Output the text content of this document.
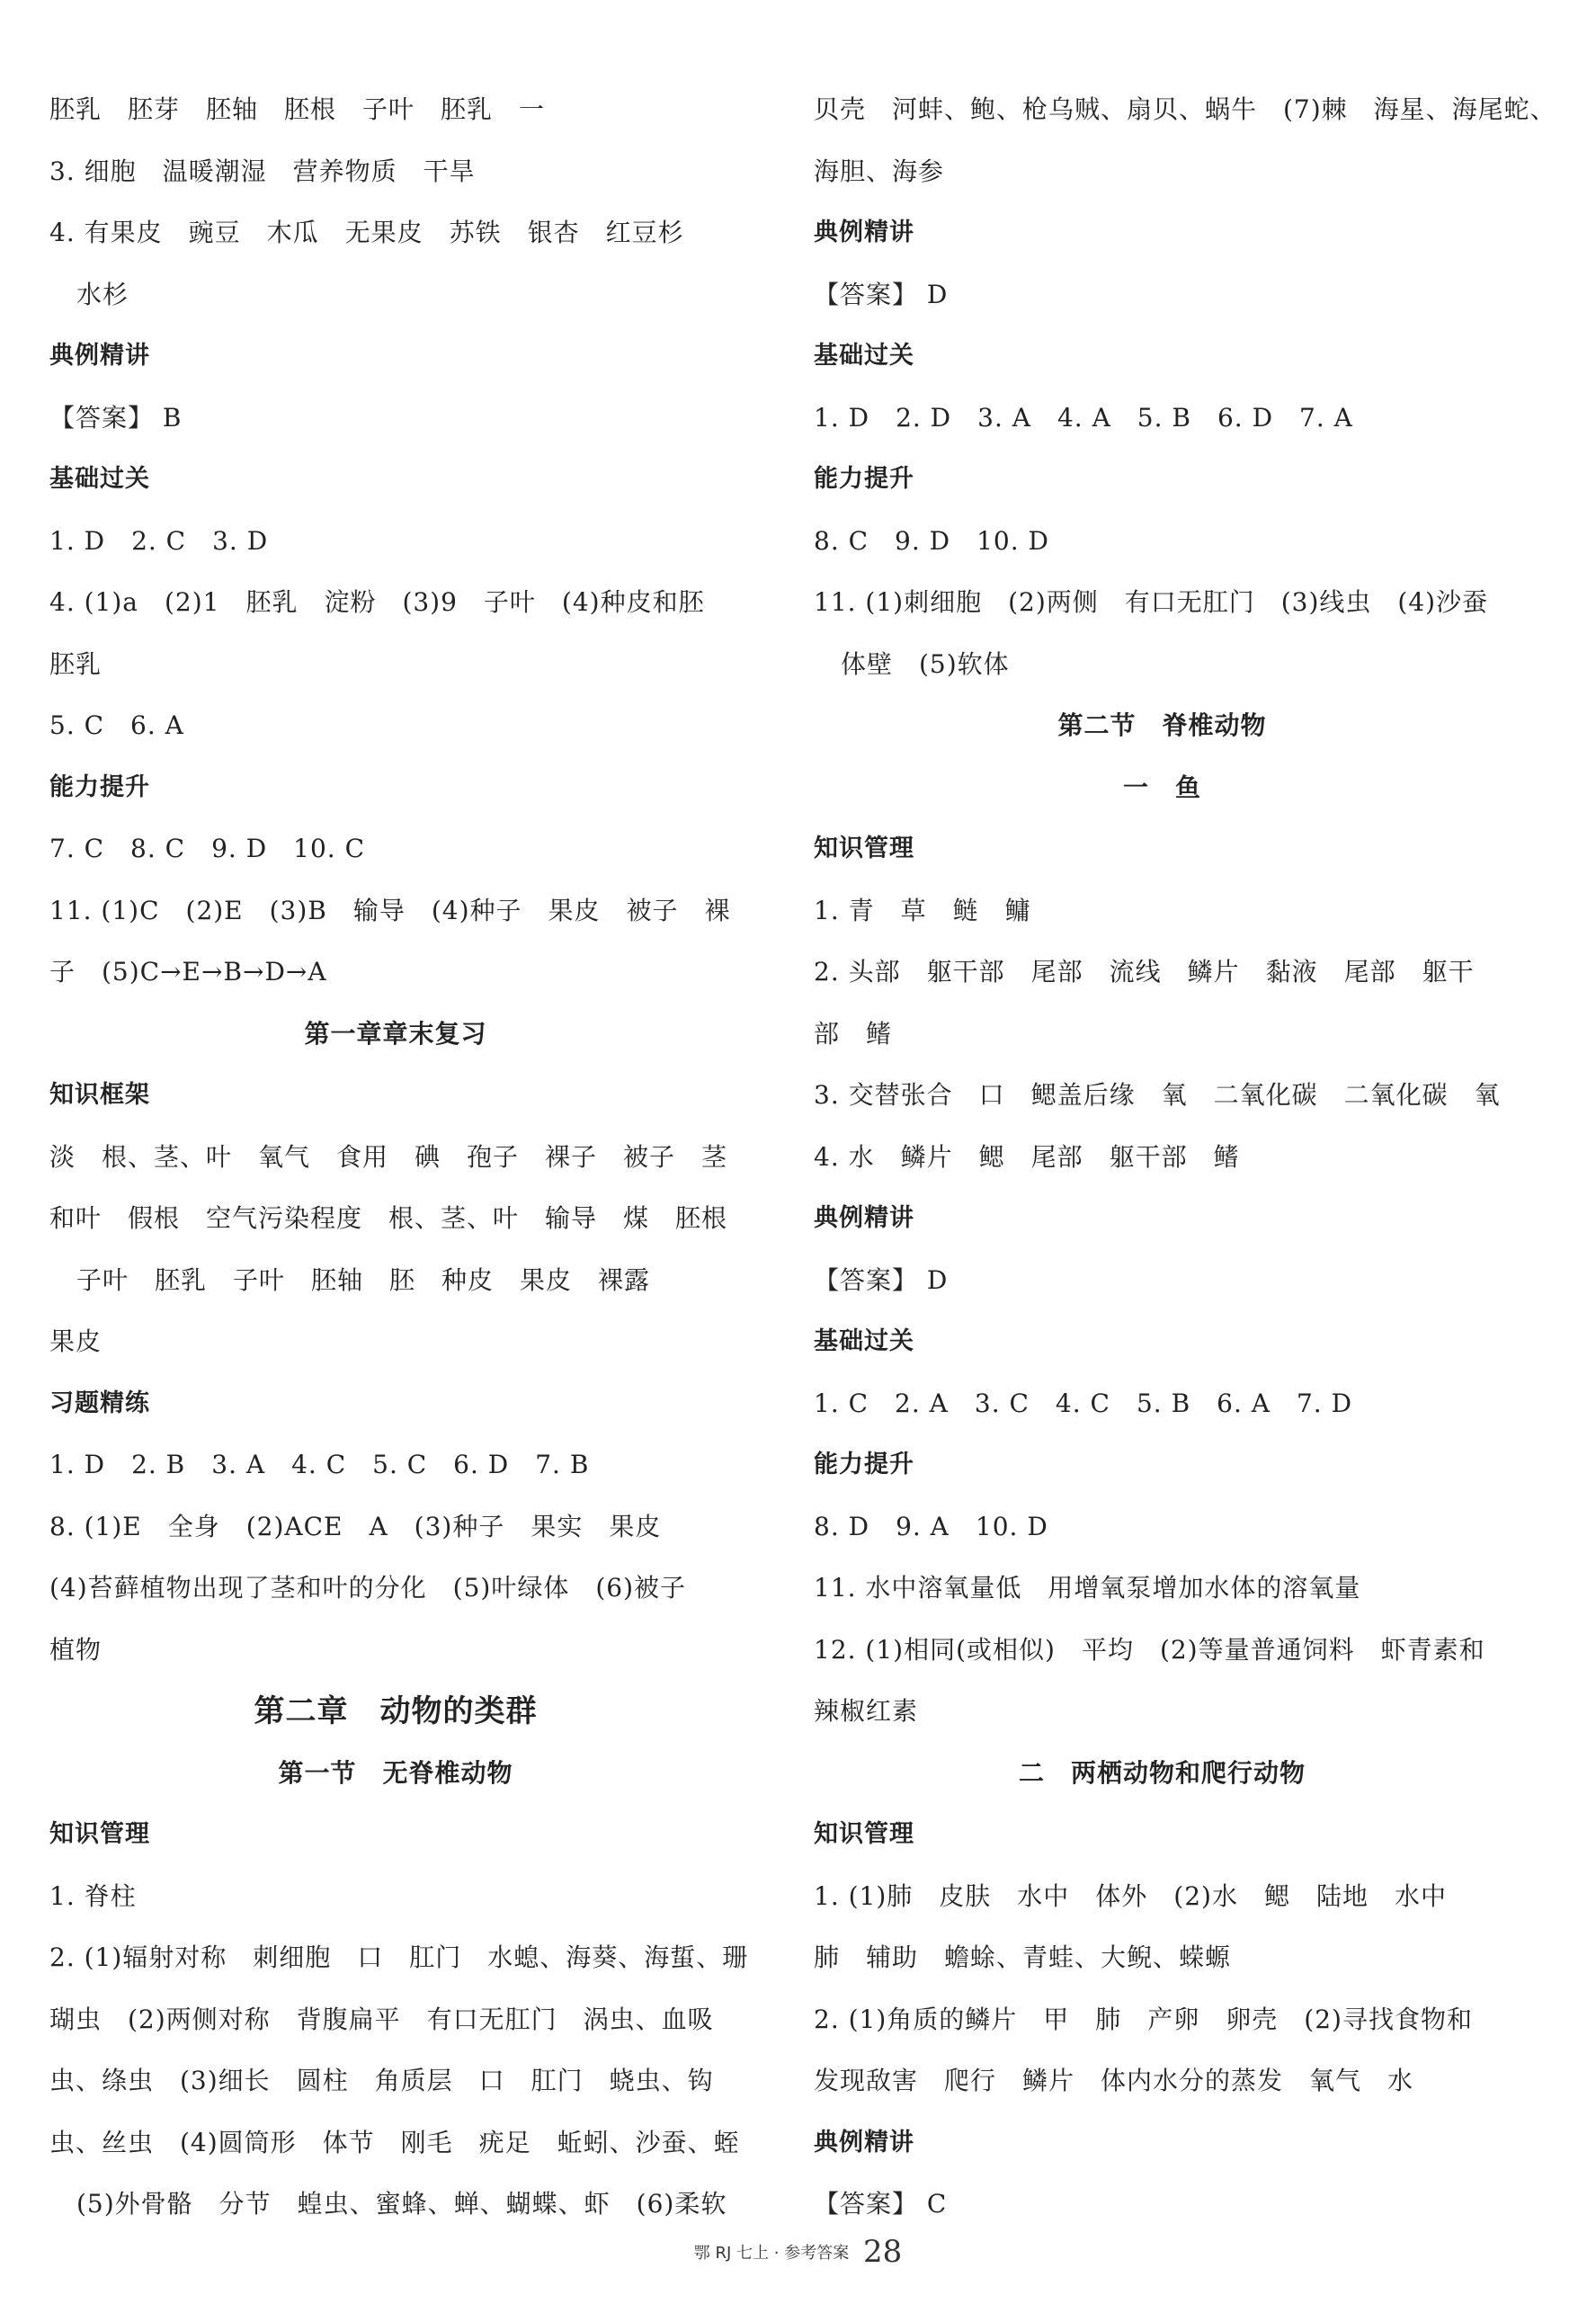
胚乳　胚芽　胚轴　胚根　子叶　胚乳　一
3. 细胞　温暖潮湿　营养物质　干旱
4. 有果皮　豌豆　木瓜　无果皮　苏铁　银杏　红豆杉
水杉
典例精讲
【答案】 B
基础过关
1. D　2. C　3. D
4. (1)a　(2)1　胚乳　淀粉　(3)9　子叶　(4)种皮和胚
胚乳
5. C　6. A
能力提升
7. C　8. C　9. D　10. C
11. (1)C　(2)E　(3)B　输导　(4)种子　果皮　被子　裸
子　(5)C→E→B→D→A
第一章章末复习
知识框架
淡　根、茎、叶　氧气　食用　碘　孢子　裸子　被子　茎
和叶　假根　空气污染程度　根、茎、叶　输导　煤　胚根
子叶　胚乳　子叶　胚轴　胚　种皮　果皮　裸露
果皮
习题精练
1. D　2. B　3. A　4. C　5. C　6. D　7. B
8. (1)E　全身　(2)ACE　A　(3)种子　果实　果皮
(4)苔藓植物出现了茎和叶的分化　(5)叶绿体　(6)被子
植物
第二章　动物的类群
第一节　无脊椎动物
知识管理
1. 脊柱
2. (1)辐射对称　刺细胞　口　肛门　水螅、海葵、海蜇、珊
瑚虫　(2)两侧对称　背腹扁平　有口无肛门　涡虫、血吸
虫、绦虫　(3)细长　圆柱　角质层　口　肛门　蛲虫、钩
虫、丝虫　(4)圆筒形　体节　刚毛　疣足　蚯蚓、沙蚕、蛭
(5)外骨骼　分节　蝗虫、蜜蜂、蝉、蝴蝶、虾　(6)柔软
贝壳　河蚌、鲍、枪乌贼、扇贝、蜗牛　(7)棘　海星、海尾蛇、
海胆、海参
典例精讲
【答案】 D
基础过关
1. D　2. D　3. A　4. A　5. B　6. D　7. A
能力提升
8. C　9. D　10. D
11. (1)刺细胞　(2)两侧　有口无肛门　(3)线虫　(4)沙蚕
体壁　(5)软体
第二节　脊椎动物
一　鱼
知识管理
1. 青　草　鲢　鳙
2. 头部　躯干部　尾部　流线　鳞片　黏液　尾部　躯干
部　鳍
3. 交替张合　口　鳃盖后缘　氧　二氧化碳　二氧化碳　氧
4. 水　鳞片　鳃　尾部　躯干部　鳍
典例精讲
【答案】 D
基础过关
1. C　2. A　3. C　4. C　5. B　6. A　7. D
能力提升
8. D　9. A　10. D
11. 水中溶氧量低　用增氧泵增加水体的溶氧量
12. (1)相同(或相似)　平均　(2)等量普通饲料　虾青素和
辣椒红素
二　两栖动物和爬行动物
知识管理
1. (1)肺　皮肤　水中　体外　(2)水　鳃　陆地　水中
肺　辅助　蟾蜍、青蛙、大鲵、蝾螈
2. (1)角质的鳞片　甲　肺　产卵　卵壳　(2)寻找食物和
发现敌害　爬行　鳞片　体内水分的蒸发　氧气　水
典例精讲
【答案】 C
鄂 RJ 七上 · 参考答案 28
